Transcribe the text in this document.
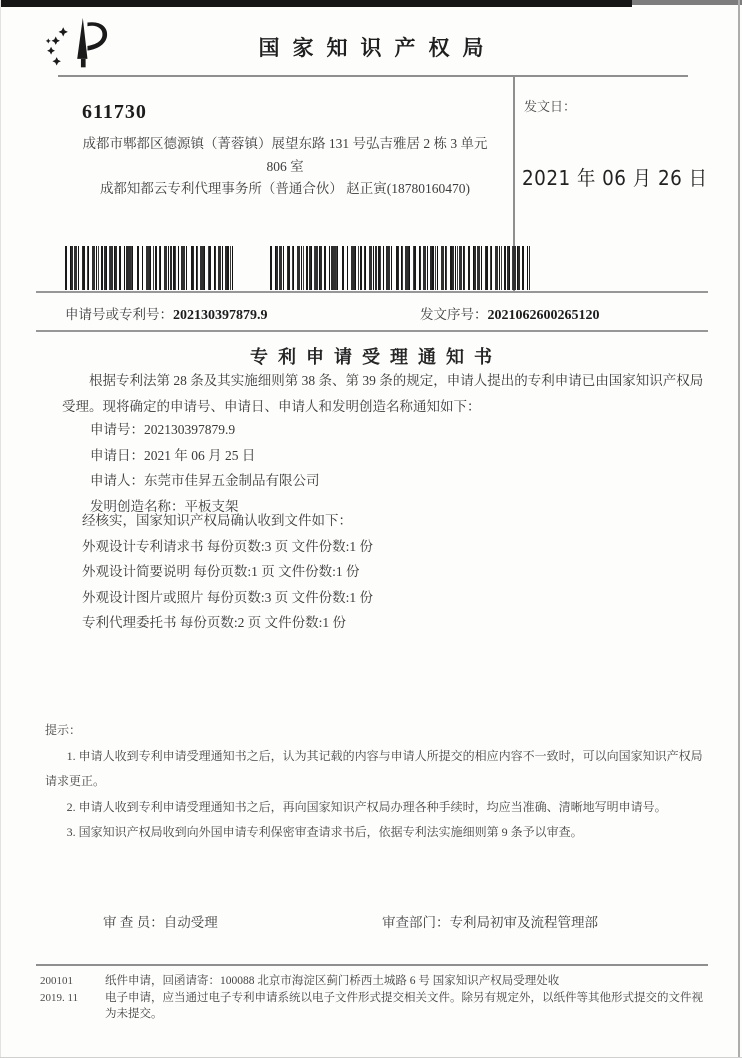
国家知识产权局
611730
成都市郫都区德源镇（菁蓉镇）展望东路 131 号弘吉雅居 2 栋 3 单元
806 室
成都知都云专利代理事务所（普通合伙） 赵正寅(18780160470)
发文日：
2021 年 06 月 26 日
申请号或专利号：202130397879.9	发文序号：2021062600265120
专利申请受理通知书

根据专利法第 28 条及其实施细则第 38 条、第 39 条的规定，申请人提出的专利申请已由国家知识产权局受理。现将确定的申请号、申请日、申请人和发明创造名称通知如下：

申请号：202130397879.9
申请日：2021 年 06 月 25 日
申请人：东莞市佳昇五金制品有限公司
发明创造名称：平板支架
经核实，国家知识产权局确认收到文件如下：
外观设计专利请求书 每份页数:3 页 文件份数:1 份
外观设计简要说明 每份页数:1 页 文件份数:1 份
外观设计图片或照片 每份页数:3 页 文件份数:1 份
专利代理委托书 每份页数:2 页 文件份数:1 份

提示：

1. 申请人收到专利申请受理通知书之后，认为其记载的内容与申请人所提交的相应内容不一致时，可以向国家知识产权局请求更正。

2. 申请人收到专利申请受理通知书之后，再向国家知识产权局办理各种手续时，均应当准确、清晰地写明申请号。

3. 国家知识产权局收到向外国申请专利保密审查请求书后，依据专利法实施细则第 9 条予以审查。

审 查 员：自动受理	审查部门：专利局初审及流程管理部
200101
2019. 11

纸件申请，回函请寄：100088 北京市海淀区蓟门桥西土城路 6 号 国家知识产权局受理处收

电子申请，应当通过电子专利申请系统以电子文件形式提交相关文件。除另有规定外，以纸件等其他形式提交的文件视为未提交。
